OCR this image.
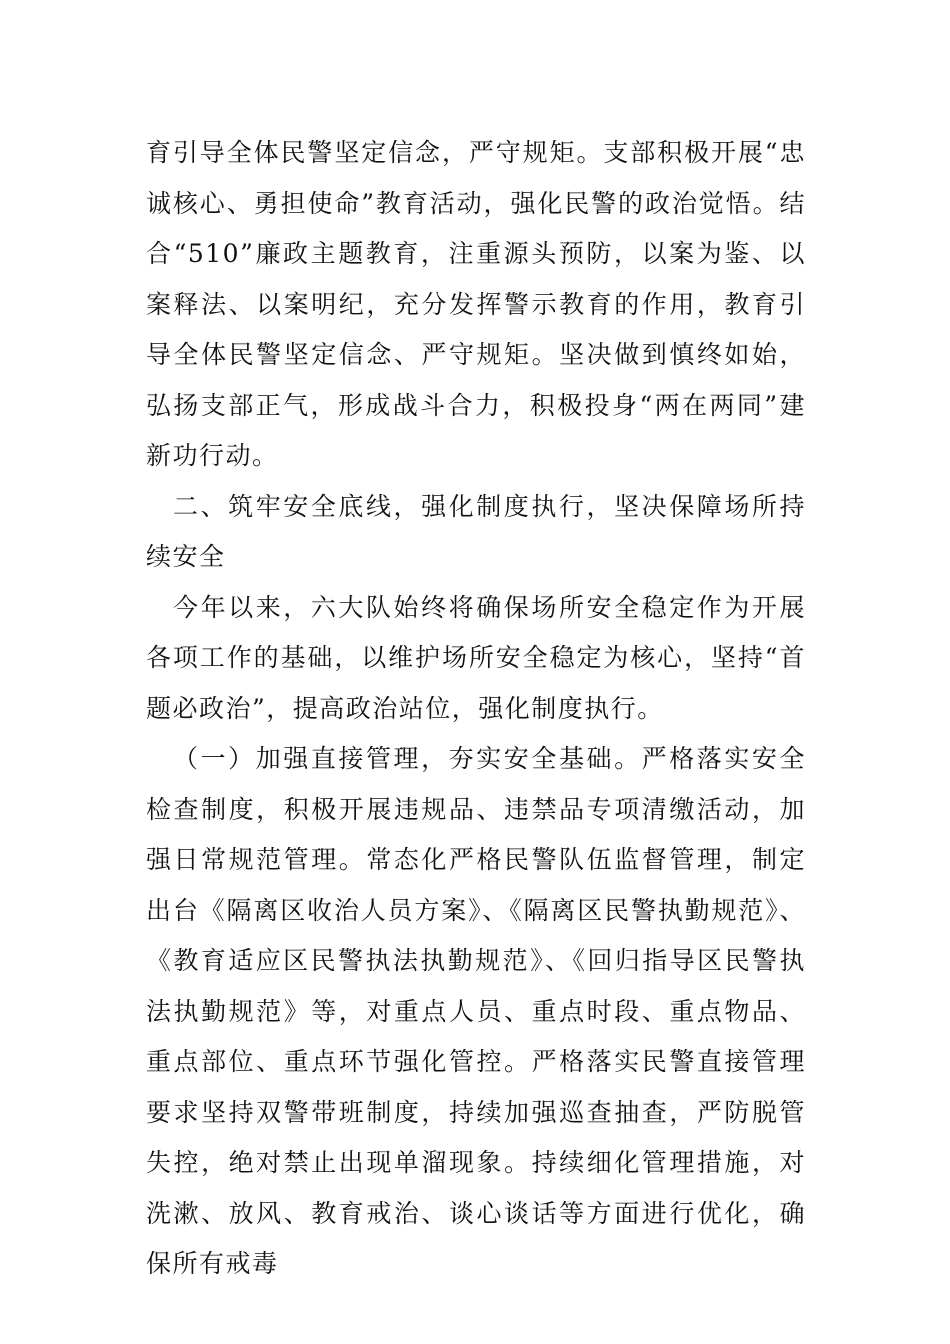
育引导全体民警坚定信念，严守规矩。支部积极开展“忠诚核心、勇担使命”教育活动，强化民警的政治觉悟。结合“510”廉政主题教育，注重源头预防，以案为鉴、以案释法、以案明纪，充分发挥警示教育的作用，教育引导全体民警坚定信念、严守规矩。坚决做到慎终如始，弘扬支部正气，形成战斗合力，积极投身“两在两同”建新功行动。

二、筑牢安全底线，强化制度执行，坚决保障场所持续安全

今年以来，六大队始终将确保场所安全稳定作为开展各项工作的基础，以维护场所安全稳定为核心，坚持“首题必政治”，提高政治站位，强化制度执行。

（一）加强直接管理，夯实安全基础。严格落实安全检查制度，积极开展违规品、违禁品专项清缴活动，加强日常规范管理。常态化严格民警队伍监督管理，制定出台《隔离区收治人员方案》、《隔离区民警执勤规范》、《教育适应区民警执法执勤规范》、《回归指导区民警执法执勤规范》等，对重点人员、重点时段、重点物品、重点部位、重点环节强化管控。严格落实民警直接管理要求坚持双警带班制度，持续加强巡查抽查，严防脱管失控，绝对禁止出现单溜现象。持续细化管理措施，对洗漱、放风、教育戒治、谈心谈话等方面进行优化，确保所有戒毒
